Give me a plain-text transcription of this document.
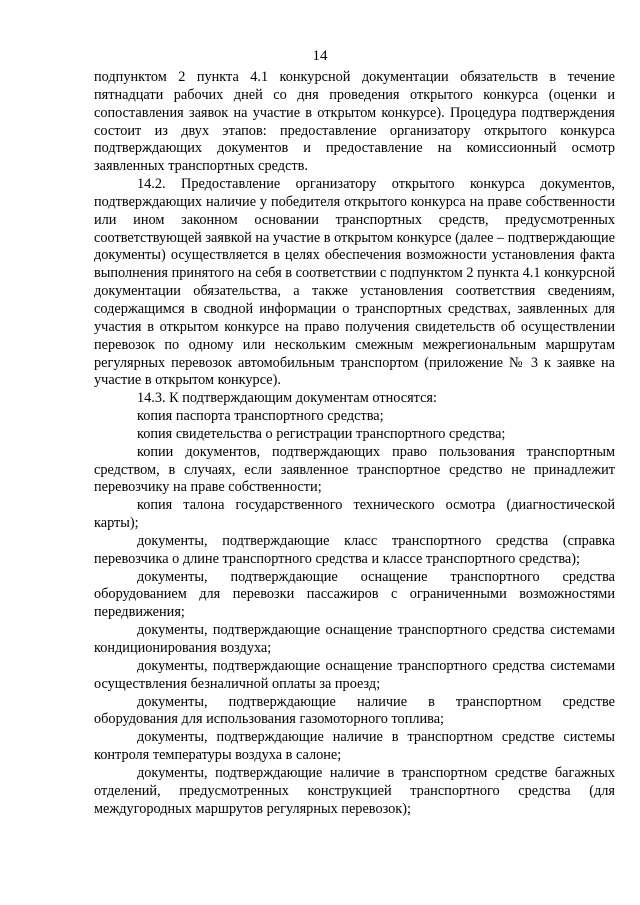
14

подпунктом 2 пункта 4.1 конкурсной документации обязательств в течение пятнадцати рабочих дней со дня проведения открытого конкурса (оценки и сопоставления заявок на участие в открытом конкурсе). Процедура подтверждения состоит из двух этапов: предоставление организатору открытого конкурса подтверждающих документов и предоставление на комиссионный осмотр заявленных транспортных средств.

14.2. Предоставление организатору открытого конкурса документов, подтверждающих наличие у победителя открытого конкурса на праве собственности или ином законном основании транспортных средств, предусмотренных соответствующей заявкой на участие в открытом конкурсе (далее – подтверждающие документы) осуществляется в целях обеспечения возможности установления факта выполнения принятого на себя в соответствии с подпунктом 2 пункта 4.1 конкурсной документации обязательства, а также установления соответствия сведениям, содержащимся в сводной информации о транспортных средствах, заявленных для участия в открытом конкурсе на право получения свидетельств об осуществлении перевозок по одному или нескольким смежным межрегиональным маршрутам регулярных перевозок автомобильным транспортом (приложение № 3 к заявке на участие в открытом конкурсе).

14.3. К подтверждающим документам относятся:

копия паспорта транспортного средства;

копия свидетельства о регистрации транспортного средства;

копии документов, подтверждающих право пользования транспортным средством, в случаях, если заявленное транспортное средство не принадлежит перевозчику на праве собственности;

копия талона государственного технического осмотра (диагностической карты);

документы, подтверждающие класс транспортного средства (справка перевозчика о длине транспортного средства и классе транспортного средства);

документы, подтверждающие оснащение транспортного средства оборудованием для перевозки пассажиров с ограниченными возможностями передвижения;

документы, подтверждающие оснащение транспортного средства системами кондиционирования воздуха;

документы, подтверждающие оснащение транспортного средства системами осуществления безналичной оплаты за проезд;

документы, подтверждающие наличие в транспортном средстве оборудования для использования газомоторного топлива;

документы, подтверждающие наличие в транспортном средстве системы контроля температуры воздуха в салоне;

документы, подтверждающие наличие в транспортном средстве багажных отделений, предусмотренных конструкцией транспортного средства (для междугородных маршрутов регулярных перевозок);
